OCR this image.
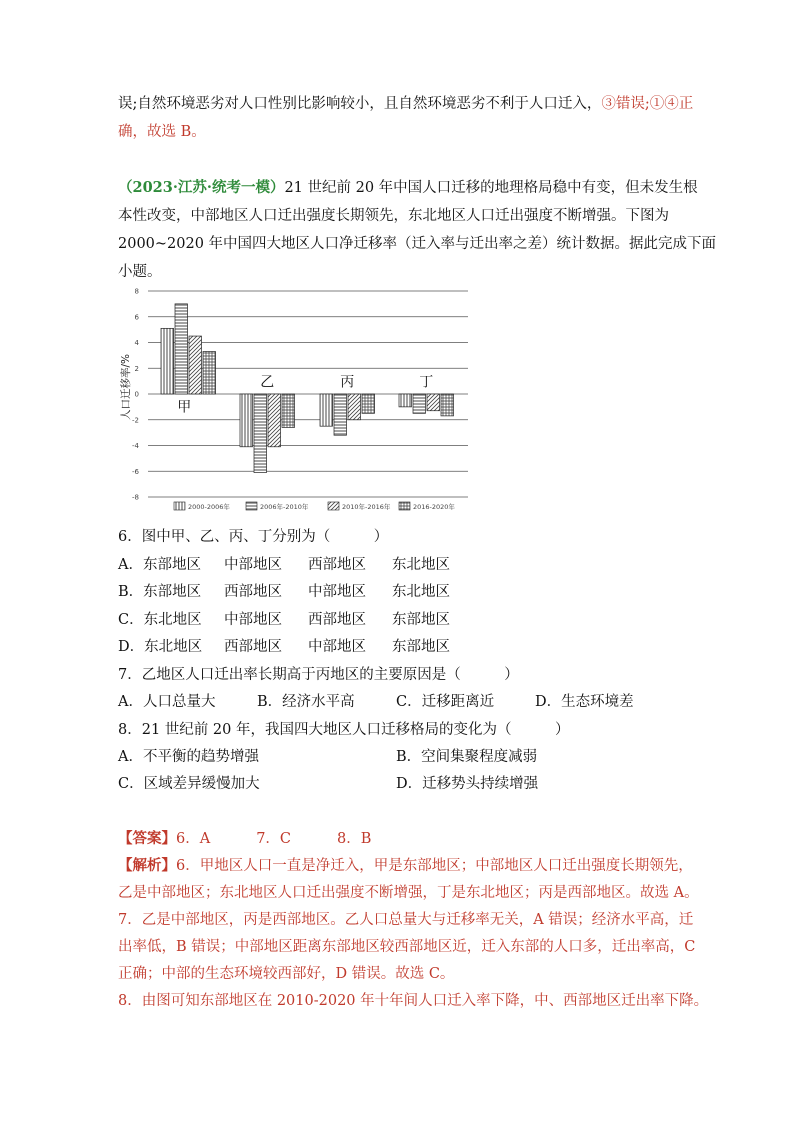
误;自然环境恶劣对人口性别比影响较小，且自然环境恶劣不利于人口迁入，③错误;①④正
确，故选 B。
（2023·江苏·统考一模）21 世纪前 20 年中国人口迁移的地理格局稳中有变，但未发生根
本性改变，中部地区人口迁出强度长期领先，东北地区人口迁出强度不断增强。下图为
2000~2020 年中国四大地区人口净迁移率（迁入率与迁出率之差）统计数据。据此完成下面
小题。
8
6
4
2
0
-2
-4
-6
-8
甲
乙	丙	丁
2000-2006年	2006年-2010年	2010年-2016年	2016-2020年
人口迁移率/%
6．图中甲、乙、丙、丁分别为（　　　）
A．东部地区 中部地区 西部地区 东北地区
B．东部地区 西部地区 中部地区 东北地区
C．东北地区 中部地区 西部地区 东部地区
D．东北地区 西部地区 中部地区 东部地区
7．乙地区人口迁出率长期高于丙地区的主要原因是（　　　）
A．人口总量大	B．经济水平高	C．迁移距离近	D．生态环境差
8．21 世纪前 20 年，我国四大地区人口迁移格局的变化为（　　　）
A．不平衡的趋势增强	B．空间集聚程度减弱
C．区域差异缓慢加大	D．迁移势头持续增强
【答案】6．A	7．C	8．B
【解析】6．甲地区人口一直是净迁入，甲是东部地区；中部地区人口迁出强度长期领先，
乙是中部地区；东北地区人口迁出强度不断增强，丁是东北地区；丙是西部地区。故选 A。
7．乙是中部地区，丙是西部地区。乙人口总量大与迁移率无关，A 错误；经济水平高，迁
出率低，B 错误；中部地区距离东部地区较西部地区近，迁入东部的人口多，迁出率高，C
正确；中部的生态环境较西部好，D 错误。故选 C。
8．由图可知东部地区在 2010-2020 年十年间人口迁入率下降，中、西部地区迁出率下降。
